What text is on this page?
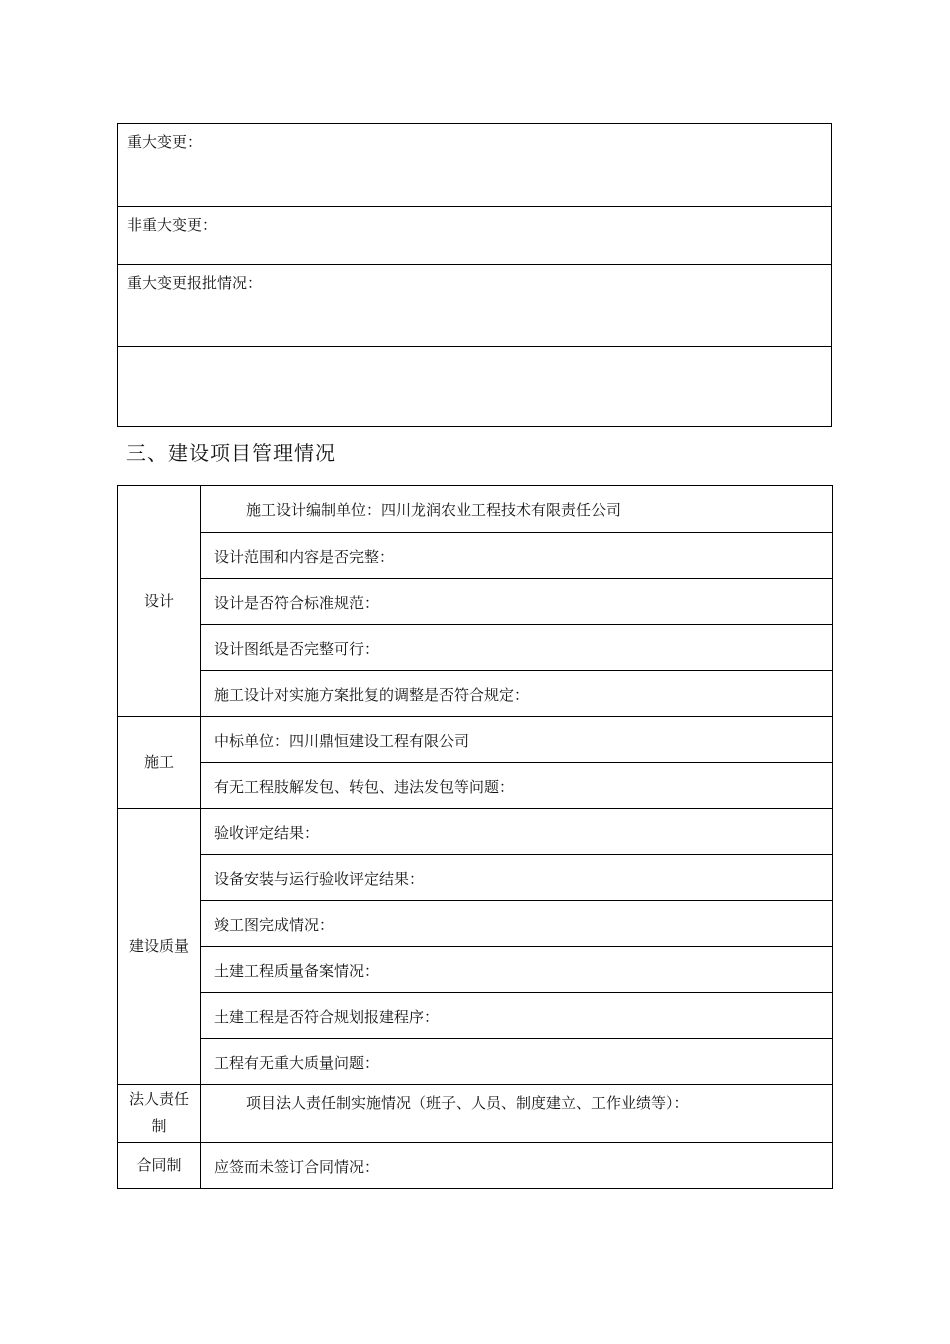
重大变更：
非重大变更：
重大变更报批情况：
三、建设项目管理情况
设计
施工设计编制单位：四川龙润农业工程技术有限责任公司
设计范围和内容是否完整：
设计是否符合标准规范：
设计图纸是否完整可行：
施工设计对实施方案批复的调整是否符合规定：
施工
中标单位：四川鼎恒建设工程有限公司
有无工程肢解发包、转包、违法发包等问题：
建设质量
验收评定结果：
设备安装与运行验收评定结果：
竣工图完成情况：
土建工程质量备案情况：
土建工程是否符合规划报建程序：
工程有无重大质量问题：
法人责任制
项目法人责任制实施情况（班子、人员、制度建立、工作业绩等）：
合同制	应签而未签订合同情况：
